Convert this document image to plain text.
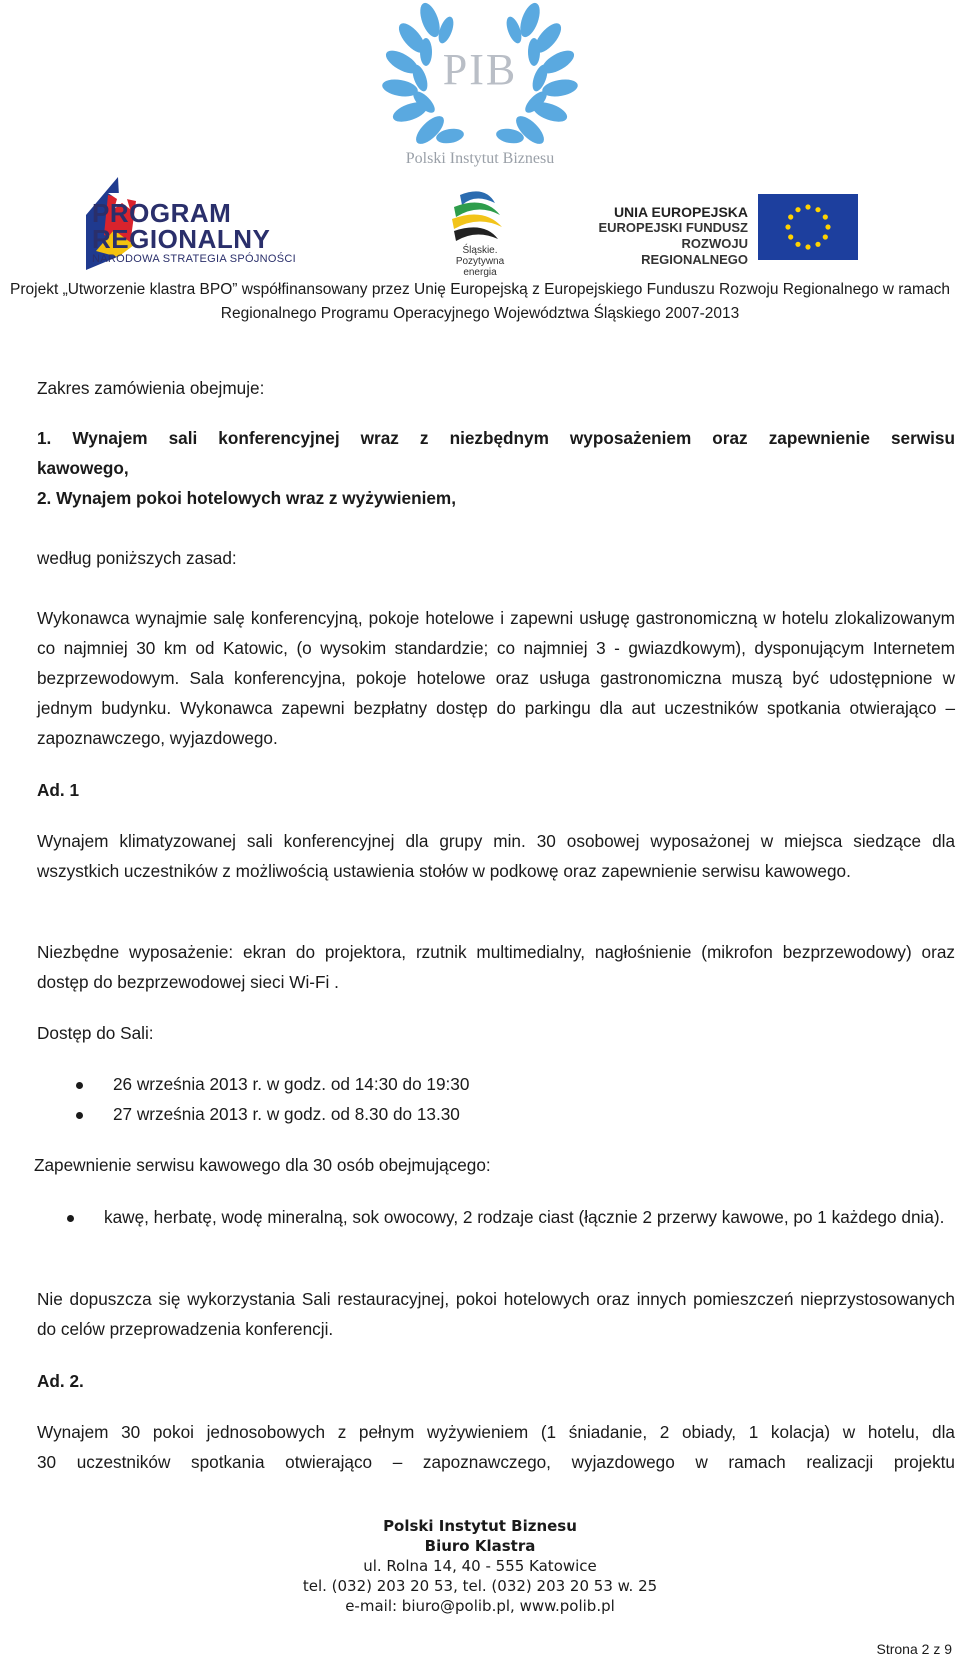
PIB
Polski Instytut Biznesu
PROGRAM
REGIONALNY
NARODOWA STRATEGIA SPÓJNOŚCI
Śląskie.
Pozytywna energia
UNIA EUROPEJSKA
EUROPEJSKI FUNDUSZ
ROZWOJU REGIONALNEGO
Projekt „Utworzenie klastra BPO” współfinansowany przez Unię Europejską z Europejskiego Funduszu Rozwoju Regionalnego w ramach
Regionalnego Programu Operacyjnego Województwa Śląskiego 2007-2013
Zakres zamówienia obejmuje:
1. Wynajem sali konferencyjnej wraz z niezbędnym wyposażeniem oraz zapewnienie serwisu
kawowego,
2. Wynajem pokoi hotelowych wraz z wyżywieniem,
według poniższych zasad:
Wykonawca wynajmie salę konferencyjną, pokoje hotelowe i zapewni usługę gastronomiczną w hotelu zlokalizowanym co najmniej 30 km od Katowic, (o wysokim standardzie; co najmniej 3 - gwiazdkowym), dysponującym Internetem bezprzewodowym. Sala konferencyjna, pokoje hotelowe oraz usługa gastronomiczna muszą być udostępnione w jednym budynku. Wykonawca zapewni bezpłatny dostęp do parkingu dla aut uczestników spotkania otwierająco – zapoznawczego, wyjazdowego.
Ad. 1
Wynajem klimatyzowanej sali konferencyjnej dla grupy min. 30 osobowej wyposażonej w miejsca siedzące dla wszystkich uczestników z możliwością ustawienia stołów w podkowę oraz zapewnienie serwisu kawowego.
Niezbędne wyposażenie: ekran do projektora, rzutnik multimedialny, nagłośnienie (mikrofon bezprzewodowy) oraz dostęp do bezprzewodowej sieci Wi-Fi .
Dostęp do Sali:
26 września 2013 r. w godz. od 14:30 do 19:30
27 września 2013 r. w godz. od 8.30 do 13.30
Zapewnienie serwisu kawowego dla 30 osób obejmującego:
kawę, herbatę, wodę mineralną, sok owocowy, 2 rodzaje ciast (łącznie 2 przerwy kawowe, po 1 każdego dnia).
Nie dopuszcza się wykorzystania Sali restauracyjnej, pokoi hotelowych oraz innych pomieszczeń nieprzystosowanych do celów przeprowadzenia konferencji.
Ad. 2.
Wynajem 30 pokoi jednosobowych z pełnym wyżywieniem (1 śniadanie, 2 obiady, 1 kolacja) w hotelu, dla
30 uczestników spotkania otwierająco – zapoznawczego, wyjazdowego w ramach realizacji projektu
Polski Instytut Biznesu
Biuro Klastra
ul. Rolna 14, 40 - 555 Katowice
tel. (032) 203 20 53, tel. (032) 203 20 53 w. 25
e-mail: biuro@polib.pl, www.polib.pl
Strona 2 z 9
